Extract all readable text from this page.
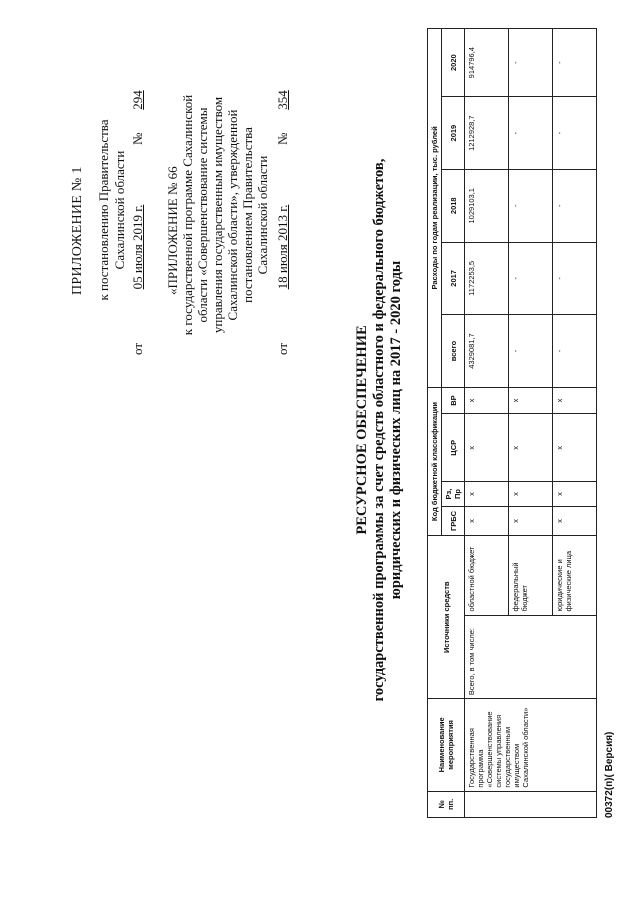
ПРИЛОЖЕНИЕ № 1 к постановлению Правительства Сахалинской области
от
05 июля 2019 г.
№
294
«ПРИЛОЖЕНИЕ № 66 к государственной программе Сахалинской области «Совершенствование системы управления государственным имуществом Сахалинской области», утвержденной постановлением Правительства Сахалинской области
от
18 июля 2013 г.
№
354
РЕСУРСНОЕ ОБЕСПЕЧЕНИЕ государственной программы за счет средств областного и федерального бюджетов, юридических и физических лиц на 2017 - 2020 годы
№ пп.	Наименование мероприятия	Источники средств		Код бюджетной классификации				Расходы по годам реализации, тыс. рублей				
				ГРБС	Рз, Пр	ЦСР	ВР	всего	2017	2018	2019	2020
	Государственная программа «Совершенствование системы управления государственным имуществом Сахалинской области»	Всего, в том числе:	областной бюджет	х	х	х	х	4329081,7	1172253,5	1029103,1	1212928,7	914796,4
			федеральный бюджет	х	х	х	х	-	-	-	-	-
			юридические и физические лица	х	х	х	х	-	-	-	-	-
00372(п)( Версия)
